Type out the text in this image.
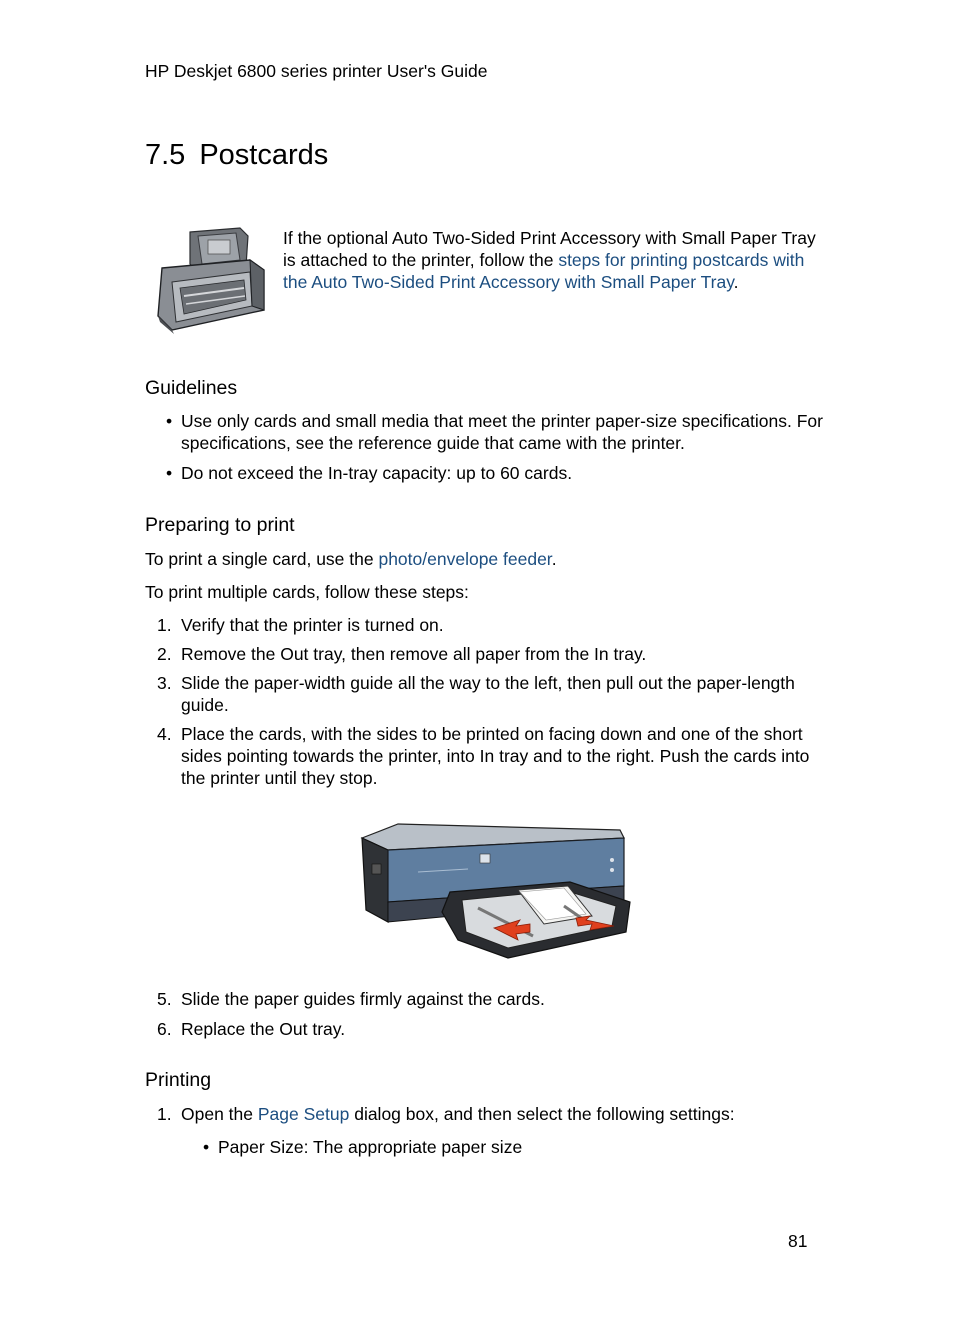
HP Deskjet 6800 series printer User's Guide
7.5 Postcards
If the optional Auto Two-Sided Print Accessory with Small Paper Tray is attached to the printer, follow the steps for printing postcards with the Auto Two-Sided Print Accessory with Small Paper Tray.
Guidelines
• Use only cards and small media that meet the printer paper-size specifications. For specifications, see the reference guide that came with the printer.
• Do not exceed the In-tray capacity: up to 60 cards.
Preparing to print
To print a single card, use the photo/envelope feeder.
To print multiple cards, follow these steps:
1. Verify that the printer is turned on.
2. Remove the Out tray, then remove all paper from the In tray.
3. Slide the paper-width guide all the way to the left, then pull out the paper-length guide.
4. Place the cards, with the sides to be printed on facing down and one of the short sides pointing towards the printer, into In tray and to the right. Push the cards into the printer until they stop.
5. Slide the paper guides firmly against the cards.
6. Replace the Out tray.
Printing
1. Open the Page Setup dialog box, and then select the following settings:
• Paper Size: The appropriate paper size
81
